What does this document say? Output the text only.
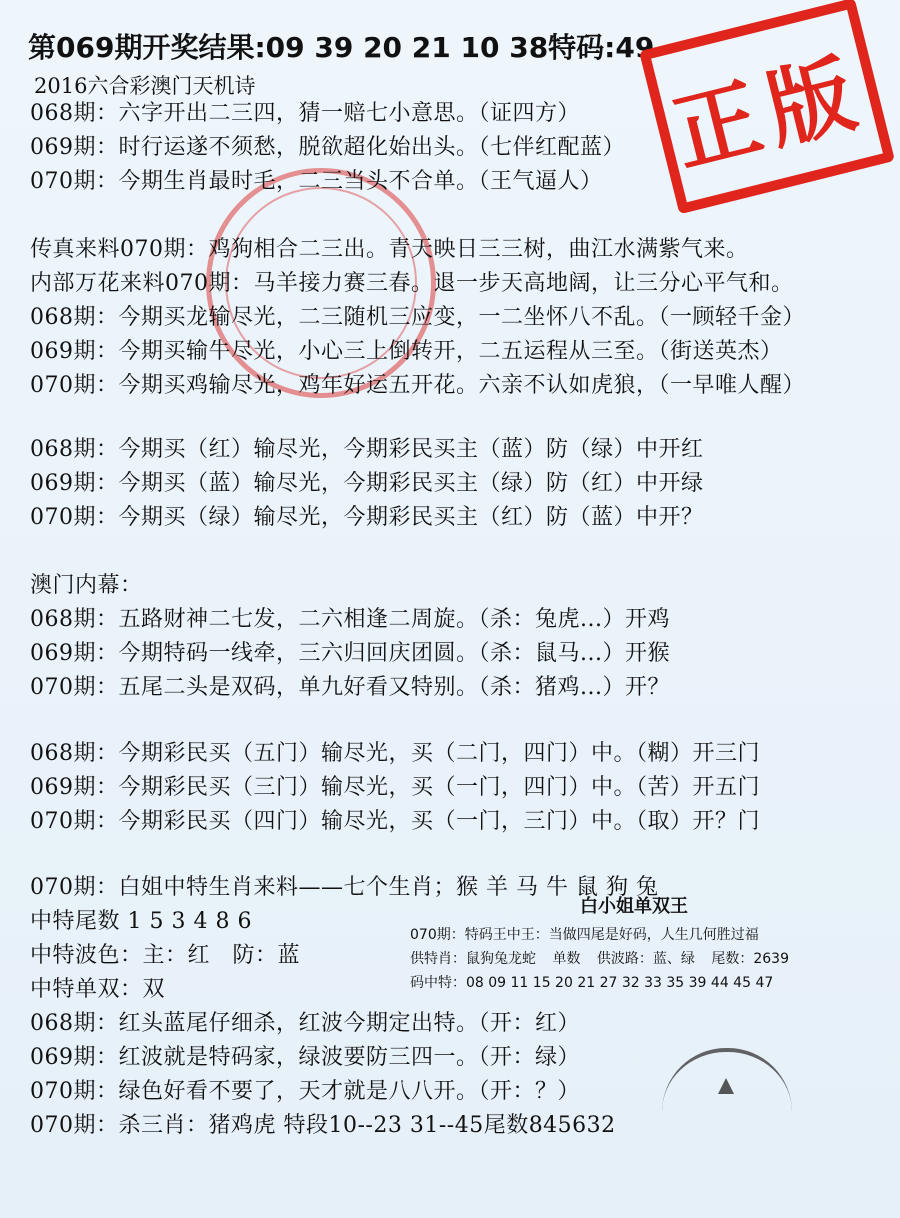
第069期开奖结果:09 39 20 21 10 38特码:49
2016六合彩澳门天机诗	正版
068期：六字开出二三四，猜一赔七小意思。（证四方）
069期：时行运遂不须愁，脱欲超化始出头。（七伴红配蓝）
070期：今期生肖最时毛，二三当头不合单。（王气逼人）
传真来料070期：鸡狗相合二三出。青天映日三三树，曲江水满紫气来。
内部万花来料070期：马羊接力赛三春。退一步天高地阔，让三分心平气和。
068期：今期买龙输尽光，二三随机三应变，一二坐怀八不乱。（一顾轻千金）
069期：今期买输牛尽光，小心三上倒转开，二五运程从三至。（街送英杰）
070期：今期买鸡输尽光，鸡年好运五开花。六亲不认如虎狼，（一早唯人醒）
068期：今期买（红）输尽光，今期彩民买主（蓝）防（绿）中开红
069期：今期买（蓝）输尽光，今期彩民买主（绿）防（红）中开绿
070期：今期买（绿）输尽光，今期彩民买主（红）防（蓝）中开？
澳门内幕：
068期：五路财神二七发，二六相逢二周旋。（杀：兔虎...）开鸡
069期：今期特码一线牵，三六归回庆团圆。（杀：鼠马...）开猴
070期：五尾二头是双码，单九好看又特别。（杀：猪鸡...）开？
068期：今期彩民买（五门）输尽光，买（二门，四门）中。（糊）开三门
069期：今期彩民买（三门）输尽光，买（一门，四门）中。（苦）开五门
070期：今期彩民买（四门）输尽光，买（一门，三门）中。（取）开？门
070期：白姐中特生肖来料——七个生肖；猴 羊 马 牛 鼠 狗 兔
中特尾数 1 5 3 4 8 6
中特波色：主：红　防：蓝
中特单双：双
068期：红头蓝尾仔细杀，红波今期定出特。（开：红）
069期：红波就是特码家，绿波要防三四一。（开：绿）
070期：绿色好看不要了，天才就是八八开。（开：？）
070期：杀三肖：猪鸡虎 特段10--23 31--45尾数845632
白小姐单双王
070期：特码王中王：当做四尾是好码，人生几何胜过福
供特肖：鼠狗兔龙蛇 单数 供波路：蓝、绿 尾数：2639
码中特：08 09 11 15 20 21 27 32 33 35 39 44 45 47
